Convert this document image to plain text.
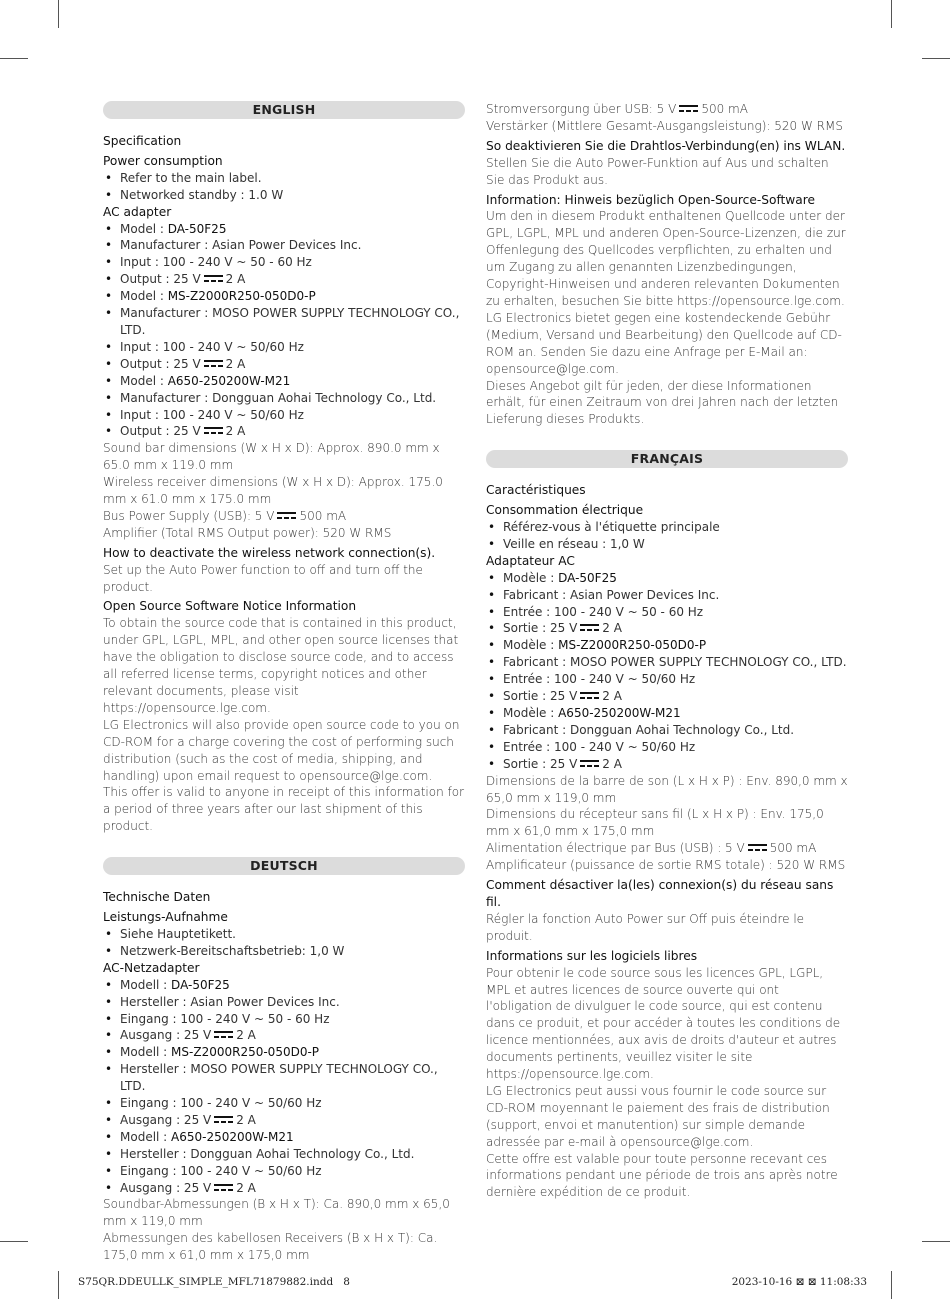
ENGLISH
Specification
Power consumption
• Refer to the main label.
• Networked standby : 1.0 W
AC adapter
• Model : DA-50F25
• Manufacturer : Asian Power Devices Inc.
• Input : 100 - 240 V ~ 50 - 60 Hz
• Output : 25 V 2 A
• Model : MS-Z2000R250-050D0-P
• Manufacturer : MOSO POWER SUPPLY TECHNOLOGY CO., LTD.
• Input : 100 - 240 V ~ 50/60 Hz
• Output : 25 V 2 A
• Model : A650-250200W-M21
• Manufacturer : Dongguan Aohai Technology Co., Ltd.
• Input : 100 - 240 V ~ 50/60 Hz
• Output : 25 V 2 A
Sound bar dimensions (W x H x D): Approx. 890.0 mm x 65.0 mm x 119.0 mm
Wireless receiver dimensions (W x H x D): Approx. 175.0 mm x 61.0 mm x 175.0 mm
Bus Power Supply (USB): 5 V 500 mA
Amplifier (Total RMS Output power): 520 W RMS
How to deactivate the wireless network connection(s).
Set up the Auto Power function to off and turn off the product.
Open Source Software Notice Information
To obtain the source code that is contained in this product, under GPL, LGPL, MPL, and other open source licenses that have the obligation to disclose source code, and to access all referred license terms, copyright notices and other relevant documents, please visit https://opensource.lge.com.
LG Electronics will also provide open source code to you on CD-ROM for a charge covering the cost of performing such distribution (such as the cost of media, shipping, and handling) upon email request to opensource@lge.com.
This offer is valid to anyone in receipt of this information for a period of three years after our last shipment of this product.
DEUTSCH
Technische Daten
Leistungs-Aufnahme
• Siehe Hauptetikett.
• Netzwerk-Bereitschaftsbetrieb: 1,0 W
AC-Netzadapter
• Modell : DA-50F25
• Hersteller : Asian Power Devices Inc.
• Eingang : 100 - 240 V ~ 50 - 60 Hz
• Ausgang : 25 V 2 A
• Modell : MS-Z2000R250-050D0-P
• Hersteller : MOSO POWER SUPPLY TECHNOLOGY CO., LTD.
• Eingang : 100 - 240 V ~ 50/60 Hz
• Ausgang : 25 V 2 A
• Modell : A650-250200W-M21
• Hersteller : Dongguan Aohai Technology Co., Ltd.
• Eingang : 100 - 240 V ~ 50/60 Hz
• Ausgang : 25 V 2 A
Soundbar-Abmessungen (B x H x T): Ca. 890,0 mm x 65,0 mm x 119,0 mm
Abmessungen des kabellosen Receivers (B x H x T): Ca. 175,0 mm x 61,0 mm x 175,0 mm
Stromversorgung über USB: 5 V 500 mA
Verstärker (Mittlere Gesamt-Ausgangsleistung): 520 W RMS
So deaktivieren Sie die Drahtlos-Verbindung(en) ins WLAN.
Stellen Sie die Auto Power-Funktion auf Aus und schalten Sie das Produkt aus.
Information: Hinweis bezüglich Open-Source-Software
Um den in diesem Produkt enthaltenen Quellcode unter der GPL, LGPL, MPL und anderen Open-Source-Lizenzen, die zur Offenlegung des Quellcodes verpflichten, zu erhalten und um Zugang zu allen genannten Lizenzbedingungen, Copyright-Hinweisen und anderen relevanten Dokumenten zu erhalten, besuchen Sie bitte https://opensource.lge.com.
LG Electronics bietet gegen eine kostendeckende Gebühr (Medium, Versand und Bearbeitung) den Quellcode auf CD-ROM an. Senden Sie dazu eine Anfrage per E-Mail an: opensource@lge.com.
Dieses Angebot gilt für jeden, der diese Informationen erhält, für einen Zeitraum von drei Jahren nach der letzten Lieferung dieses Produkts.
FRANÇAIS
Caractéristiques
Consommation électrique
• Référez-vous à l'étiquette principale
• Veille en réseau : 1,0 W
Adaptateur AC
• Modèle : DA-50F25
• Fabricant : Asian Power Devices Inc.
• Entrée : 100 - 240 V ~ 50 - 60 Hz
• Sortie : 25 V 2 A
• Modèle : MS-Z2000R250-050D0-P
• Fabricant : MOSO POWER SUPPLY TECHNOLOGY CO., LTD.
• Entrée : 100 - 240 V ~ 50/60 Hz
• Sortie : 25 V 2 A
• Modèle : A650-250200W-M21
• Fabricant : Dongguan Aohai Technology Co., Ltd.
• Entrée : 100 - 240 V ~ 50/60 Hz
• Sortie : 25 V 2 A
Dimensions de la barre de son (L x H x P) : Env. 890,0 mm x 65,0 mm x 119,0 mm
Dimensions du récepteur sans fil (L x H x P) : Env. 175,0 mm x 61,0 mm x 175,0 mm
Alimentation électrique par Bus (USB) : 5 V 500 mA
Amplificateur (puissance de sortie RMS totale) : 520 W RMS
Comment désactiver la(les) connexion(s) du réseau sans fil.
Régler la fonction Auto Power sur Off puis éteindre le produit.
Informations sur les logiciels libres
Pour obtenir le code source sous les licences GPL, LGPL, MPL et autres licences de source ouverte qui ont l'obligation de divulguer le code source, qui est contenu dans ce produit, et pour accéder à toutes les conditions de licence mentionnées, aux avis de droits d'auteur et autres documents pertinents, veuillez visiter le site https://opensource.lge.com.
LG Electronics peut aussi vous fournir le code source sur CD-ROM moyennant le paiement des frais de distribution (support, envoi et manutention) sur simple demande adressée par e-mail à opensource@lge.com.
Cette offre est valable pour toute personne recevant ces informations pendant une période de trois ans après notre dernière expédition de ce produit.
S75QR.DDEULLK_SIMPLE_MFL71879882.indd   8	2023-10-16 ⊠ ⊠ 11:08:33
